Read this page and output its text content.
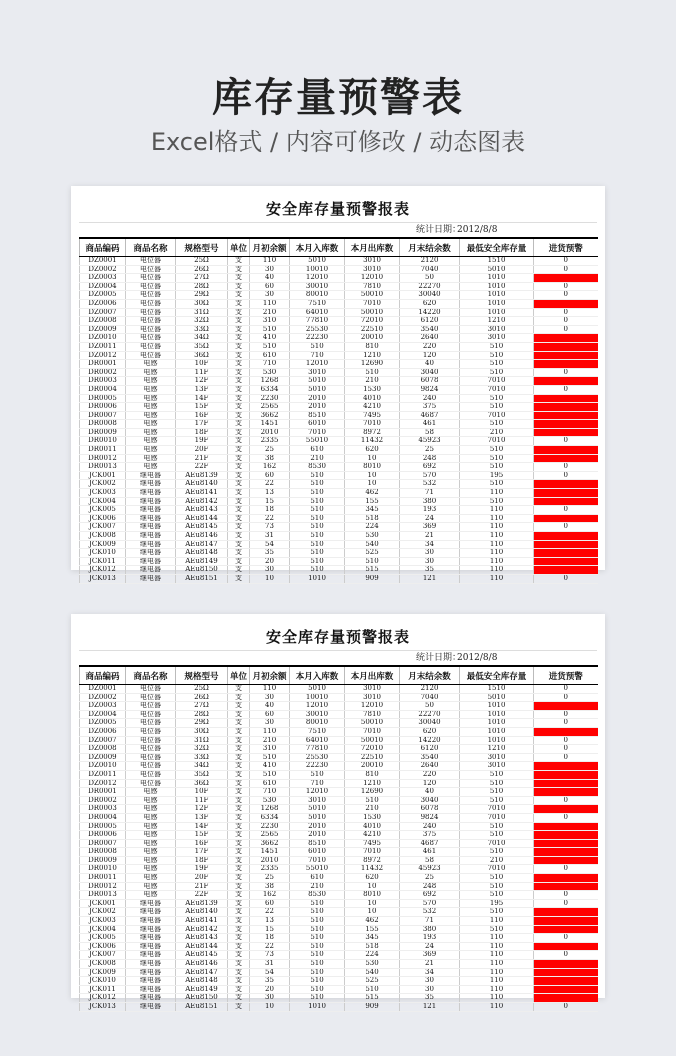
库存量预警表
Excel格式 / 内容可修改 / 动态图表
安全库存量预警报表
统计日期：
2012/8/8
商品编码	商品名称	规格型号	单位	月初余额	本月入库数	本月出库数	月末结余数	最低安全库存量	进货预警
DZ0001	电位器	25Ω	支	110	5010	3010	2120	1510	0
DZ0002	电位器	26Ω	支	30	10010	3010	7040	5010	0
DZ0003	电位器	27Ω	支	40	12010	12010	50	1010	
DZ0004	电位器	28Ω	支	60	30010	7810	22270	1010	0
DZ0005	电位器	29Ω	支	30	80010	50010	30040	1010	0
DZ0006	电位器	30Ω	支	110	7510	7010	620	1010	
DZ0007	电位器	31Ω	支	210	64010	50010	14220	1010	0
DZ0008	电位器	32Ω	支	310	77810	72010	6120	1210	0
DZ0009	电位器	33Ω	支	510	25530	22510	3540	3010	0
DZ0010	电位器	34Ω	支	410	22230	20010	2640	3010	
DZ0011	电位器	35Ω	支	510	510	810	220	510	
DZ0012	电位器	36Ω	支	610	710	1210	120	510	
DR0001	电感	10F	支	710	12010	12690	40	510	
DR0002	电感	11F	支	530	3010	510	3040	510	0
DR0003	电感	12F	支	1268	5010	210	6078	7010	
DR0004	电感	13F	支	6334	5010	1530	9824	7010	0
DR0005	电感	14F	支	2230	2010	4010	240	510	
DR0006	电感	15F	支	2565	2010	4210	375	510	
DR0007	电感	16F	支	3662	8510	7495	4687	7010	
DR0008	电感	17F	支	1451	6010	7010	461	510	
DR0009	电感	18F	支	2010	7010	8972	58	210	
DR0010	电感	19F	支	2335	55010	11432	45923	7010	0
DR0011	电感	20F	支	25	610	620	25	510	
DR0012	电感	21F	支	38	210	10	248	510	
DR0013	电感	22F	支	162	8530	8010	692	510	0
JCK001	继电器	AEu8139	支	60	510	10	570	195	0
JCK002	继电器	AEu8140	支	22	510	10	532	510	
JCK003	继电器	AEu8141	支	13	510	462	71	110	
JCK004	继电器	AEu8142	支	15	510	155	380	510	
JCK005	继电器	AEu8143	支	18	510	345	193	110	0
JCK006	继电器	AEu8144	支	22	510	518	24	110	
JCK007	继电器	AEu8145	支	73	510	224	369	110	0
JCK008	继电器	AEu8146	支	31	510	530	21	110	
JCK009	继电器	AEu8147	支	54	510	540	34	110	
JCK010	继电器	AEu8148	支	35	510	525	30	110	
JCK011	继电器	AEu8149	支	20	510	510	30	110	
JCK012	继电器	AEu8150	支	30	510	515	35	110	
JCK013	继电器	AEu8151	支	10	1010	909	121	110	0
安全库存量预警报表
统计日期：
2012/8/8
商品编码	商品名称	规格型号	单位	月初余额	本月入库数	本月出库数	月末结余数	最低安全库存量	进货预警
DZ0001	电位器	25Ω	支	110	5010	3010	2120	1510	0
DZ0002	电位器	26Ω	支	30	10010	3010	7040	5010	0
DZ0003	电位器	27Ω	支	40	12010	12010	50	1010	
DZ0004	电位器	28Ω	支	60	30010	7810	22270	1010	0
DZ0005	电位器	29Ω	支	30	80010	50010	30040	1010	0
DZ0006	电位器	30Ω	支	110	7510	7010	620	1010	
DZ0007	电位器	31Ω	支	210	64010	50010	14220	1010	0
DZ0008	电位器	32Ω	支	310	77810	72010	6120	1210	0
DZ0009	电位器	33Ω	支	510	25530	22510	3540	3010	0
DZ0010	电位器	34Ω	支	410	22230	20010	2640	3010	
DZ0011	电位器	35Ω	支	510	510	810	220	510	
DZ0012	电位器	36Ω	支	610	710	1210	120	510	
DR0001	电感	10F	支	710	12010	12690	40	510	
DR0002	电感	11F	支	530	3010	510	3040	510	0
DR0003	电感	12F	支	1268	5010	210	6078	7010	
DR0004	电感	13F	支	6334	5010	1530	9824	7010	0
DR0005	电感	14F	支	2230	2010	4010	240	510	
DR0006	电感	15F	支	2565	2010	4210	375	510	
DR0007	电感	16F	支	3662	8510	7495	4687	7010	
DR0008	电感	17F	支	1451	6010	7010	461	510	
DR0009	电感	18F	支	2010	7010	8972	58	210	
DR0010	电感	19F	支	2335	55010	11432	45923	7010	0
DR0011	电感	20F	支	25	610	620	25	510	
DR0012	电感	21F	支	38	210	10	248	510	
DR0013	电感	22F	支	162	8530	8010	692	510	0
JCK001	继电器	AEu8139	支	60	510	10	570	195	0
JCK002	继电器	AEu8140	支	22	510	10	532	510	
JCK003	继电器	AEu8141	支	13	510	462	71	110	
JCK004	继电器	AEu8142	支	15	510	155	380	510	
JCK005	继电器	AEu8143	支	18	510	345	193	110	0
JCK006	继电器	AEu8144	支	22	510	518	24	110	
JCK007	继电器	AEu8145	支	73	510	224	369	110	0
JCK008	继电器	AEu8146	支	31	510	530	21	110	
JCK009	继电器	AEu8147	支	54	510	540	34	110	
JCK010	继电器	AEu8148	支	35	510	525	30	110	
JCK011	继电器	AEu8149	支	20	510	510	30	110	
JCK012	继电器	AEu8150	支	30	510	515	35	110	
JCK013	继电器	AEu8151	支	10	1010	909	121	110	0
